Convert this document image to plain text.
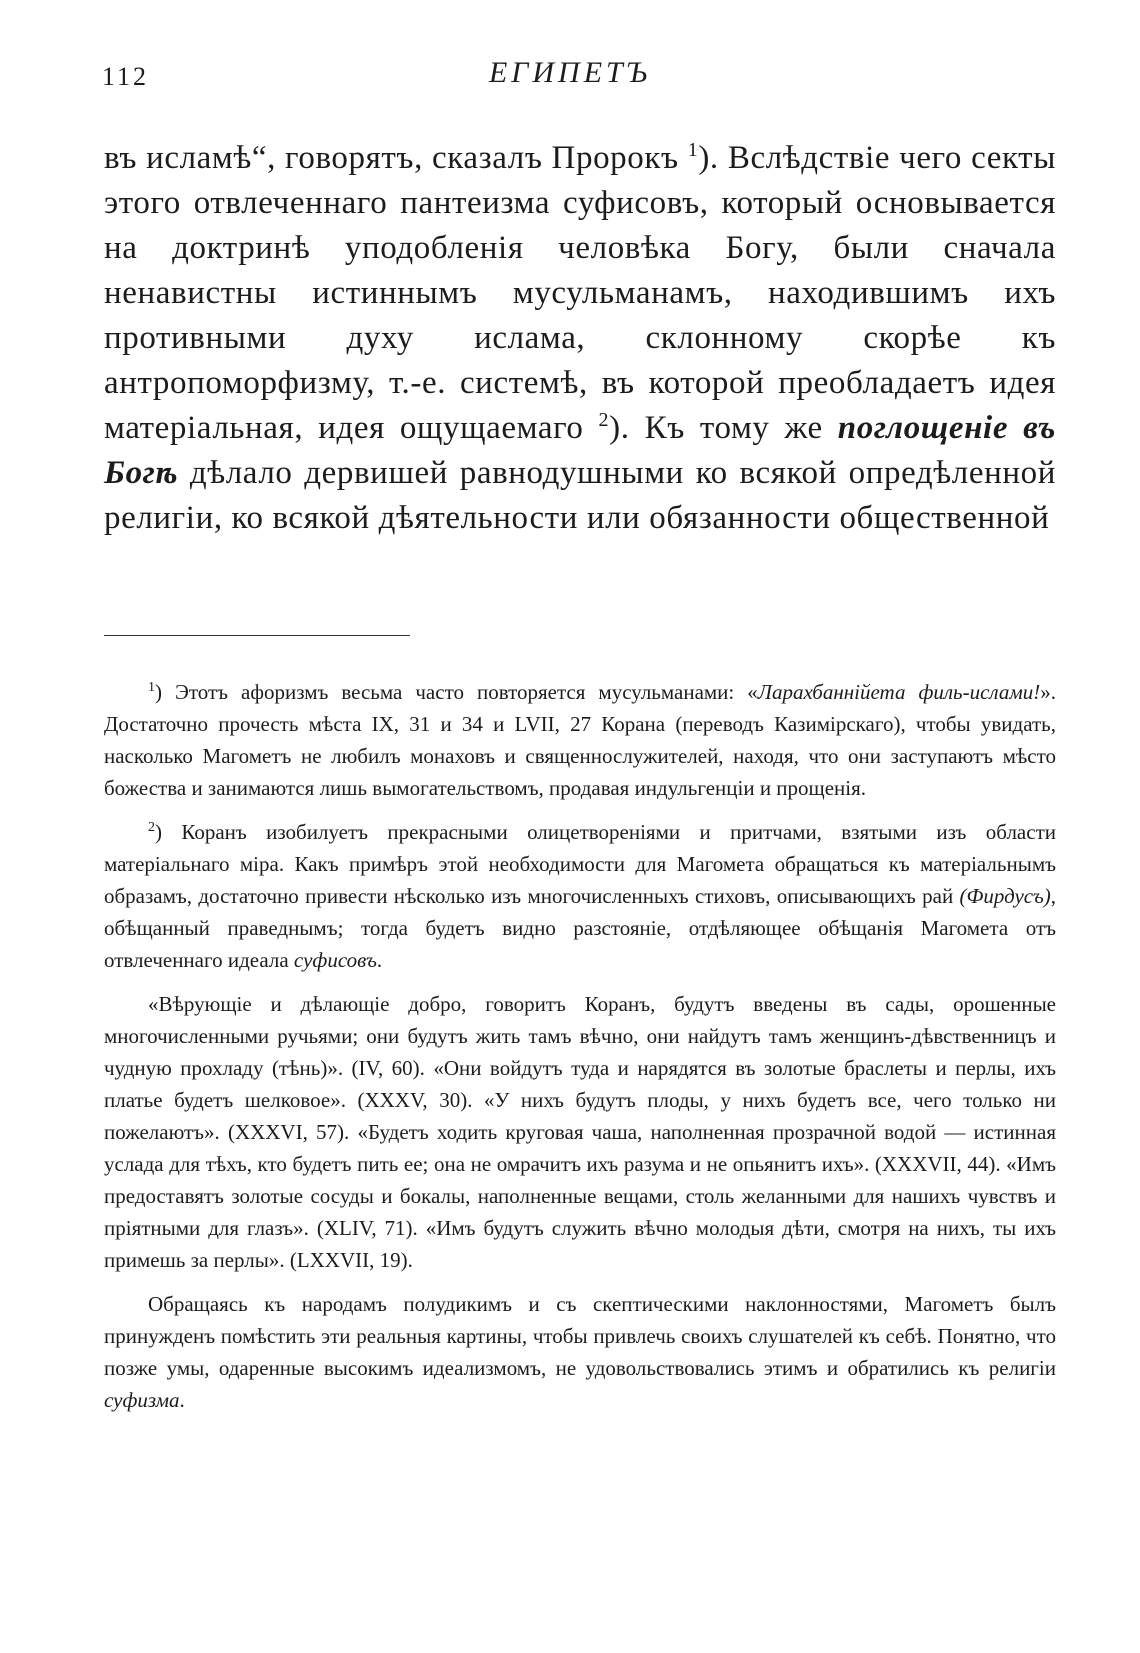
112	ЕГИПЕТЪ
въ исламѣ“, говорятъ, сказалъ Пророкъ $^1$). Вслѣдствіе чего секты этого отвлеченнаго пантеизма суфисовъ, который основывается на доктринѣ уподобленія человѣка Богу, были сначала ненавистны истиннымъ мусульманамъ, находившимъ ихъ противными духу ислама, склонному скорѣе къ антропоморфизму, т.-е. системѣ, въ которой преобладаетъ идея матеріальная, идея ощущаемаго $^2$). Къ тому же поглощеніе въ Богѣ дѣлало дервишей равнодушными ко всякой опредѣленной религіи, ко всякой дѣятельности или обязанности общественной

$^1$) Этотъ афоризмъ весьма часто повторяется мусульманами: «Ларахбаннійета филь-ислами!». Достаточно прочесть мѣста IX, 31 и 34 и LVII, 27 Корана (переводъ Казимірскаго), чтобы увидать, насколько Магометъ не любилъ монаховъ и священнослужителей, находя, что они заступаютъ мѣсто божества и занимаются лишь вымогательствомъ, продавая индульгенціи и прощенія.

$^2$) Коранъ изобилуетъ прекрасными олицетвореніями и притчами, взятыми изъ области матеріальнаго міра. Какъ примѣръ этой необходимости для Магомета обращаться къ матеріальнымъ образамъ, достаточно привести нѣсколько изъ многочисленныхъ стиховъ, описывающихъ рай (Фирдусъ), обѣщанный праведнымъ; тогда будетъ видно разстояніе, отдѣляющее обѣщанія Магомета отъ отвлеченнаго идеала суфисовъ.

«Вѣрующіе и дѣлающіе добро, говоритъ Коранъ, будутъ введены въ сады, орошенные многочисленными ручьями; они будутъ жить тамъ вѣчно, они найдутъ тамъ женщинъ-дѣвственницъ и чудную прохладу (тѣнь)». (IV, 60). «Они войдутъ туда и нарядятся въ золотые браслеты и перлы, ихъ платье будетъ шелковое». (XXXV, 30). «У нихъ будутъ плоды, у нихъ будетъ все, чего только ни пожелаютъ». (XXXVI, 57). «Будетъ ходить круговая чаша, наполненная прозрачной водой — истинная услада для тѣхъ, кто будетъ пить ее; она не омрачитъ ихъ разума и не опьянитъ ихъ». (XXXVII, 44). «Имъ предоставятъ золотые сосуды и бокалы, наполненные вещами, столь желанными для нашихъ чувствъ и пріятными для глазъ». (XLIV, 71). «Имъ будутъ служить вѣчно молодыя дѣти, смотря на нихъ, ты ихъ примешь за перлы». (LXXVII, 19).

Обращаясь къ народамъ полудикимъ и съ скептическими наклонностями, Магометъ былъ принужденъ помѣстить эти реальныя картины, чтобы привлечь своихъ слушателей къ себѣ. Понятно, что позже умы, одаренные высокимъ идеализмомъ, не удовольствовались этимъ и обратились къ религіи суфизма.
